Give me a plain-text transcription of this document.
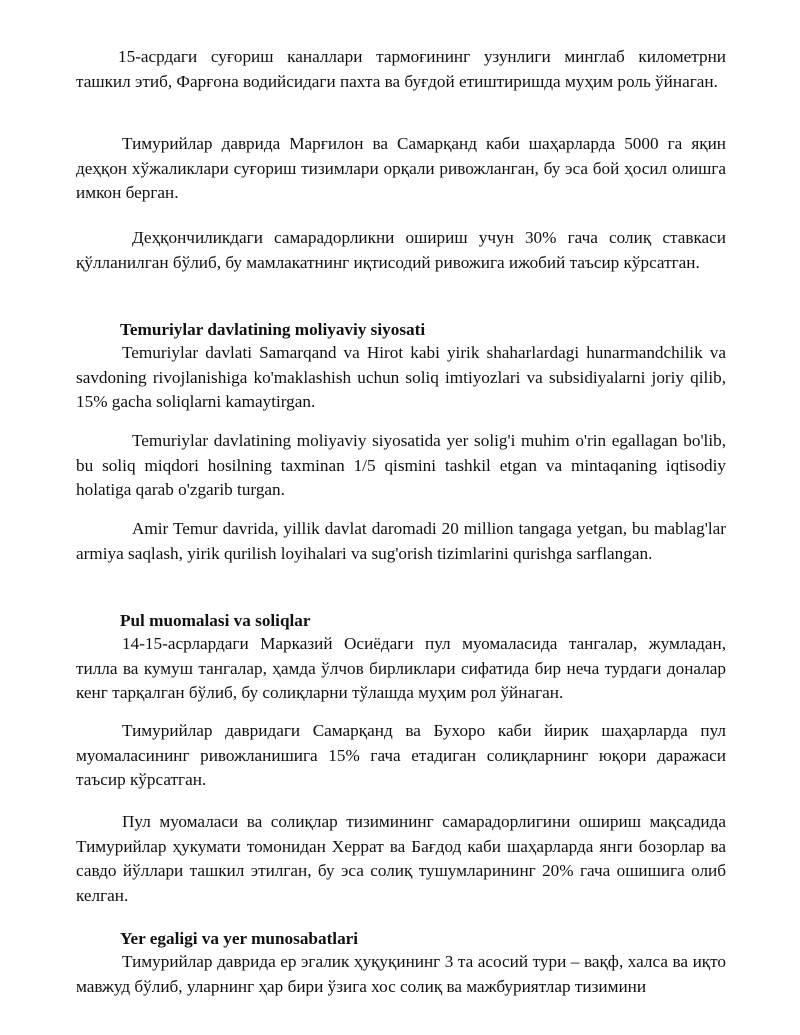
15-асрдаги суғориш каналлари тармоғининг узунлиги минглаб километрни ташкил этиб, Фарғона водийсидаги пахта ва буғдой етиштиришда муҳим роль ўйнаган.

Тимурийлар даврида Марғилон ва Самарқанд каби шаҳарларда 5000 га яқин деҳқон хўжаликлари суғориш тизимлари орқали ривожланган, бу эса бой ҳосил олишга имкон берган.

Деҳқончиликдаги самарадорликни ошириш учун 30% гача солиқ ставкаси қўлланилган бўлиб, бу мамлакатнинг иқтисодий ривожига ижобий таъсир кўрсатган.

Temuriylar davlatining moliyaviy siyosati

Temuriylar davlati Samarqand va Hirot kabi yirik shaharlardagi hunarmandchilik va savdoning rivojlanishiga ko'maklashish uchun soliq imtiyozlari va subsidiyalarni joriy qilib, 15% gacha soliqlarni kamaytirgan.

Temuriylar davlatining moliyaviy siyosatida yer solig'i muhim o'rin egallagan bo'lib, bu soliq miqdori hosilning taxminan 1/5 qismini tashkil etgan va mintaqaning iqtisodiy holatiga qarab o'zgarib turgan.

Amir Temur davrida, yillik davlat daromadi 20 million tangaga yetgan, bu mablag'lar armiya saqlash, yirik qurilish loyihalari va sug'orish tizimlarini qurishga sarflangan.

Pul muomalasi va soliqlar

14-15-асрлардаги Марказий Осиёдаги пул муомаласида тангалар, жумладан, тилла ва кумуш тангалар, ҳамда ўлчов бирликлари сифатида бир неча турдаги доналар кенг тарқалган бўлиб, бу солиқларни тўлашда муҳим рол ўйнаган.

Тимурийлар давридаги Самарқанд ва Бухоро каби йирик шаҳарларда пул муомаласининг ривожланишига 15% гача етадиган солиқларнинг юқори даражаси таъсир кўрсатган.

Пул муомаласи ва солиқлар тизимининг самарадорлигини ошириш мақсадида Тимурийлар ҳукумати томонидан Херрат ва Бағдод каби шаҳарларда янги бозорлар ва савдо йўллари ташкил этилган, бу эса солиқ тушумларининг 20% гача ошишига олиб келган.

Yer egaligi va yer munosabatlari

Тимурийлар даврида ер эгалик ҳуқуқининг 3 та асосий тури – вақф, халса ва иқто мавжуд бўлиб, уларнинг ҳар бири ўзига хос солиқ ва мажбуриятлар тизимини
